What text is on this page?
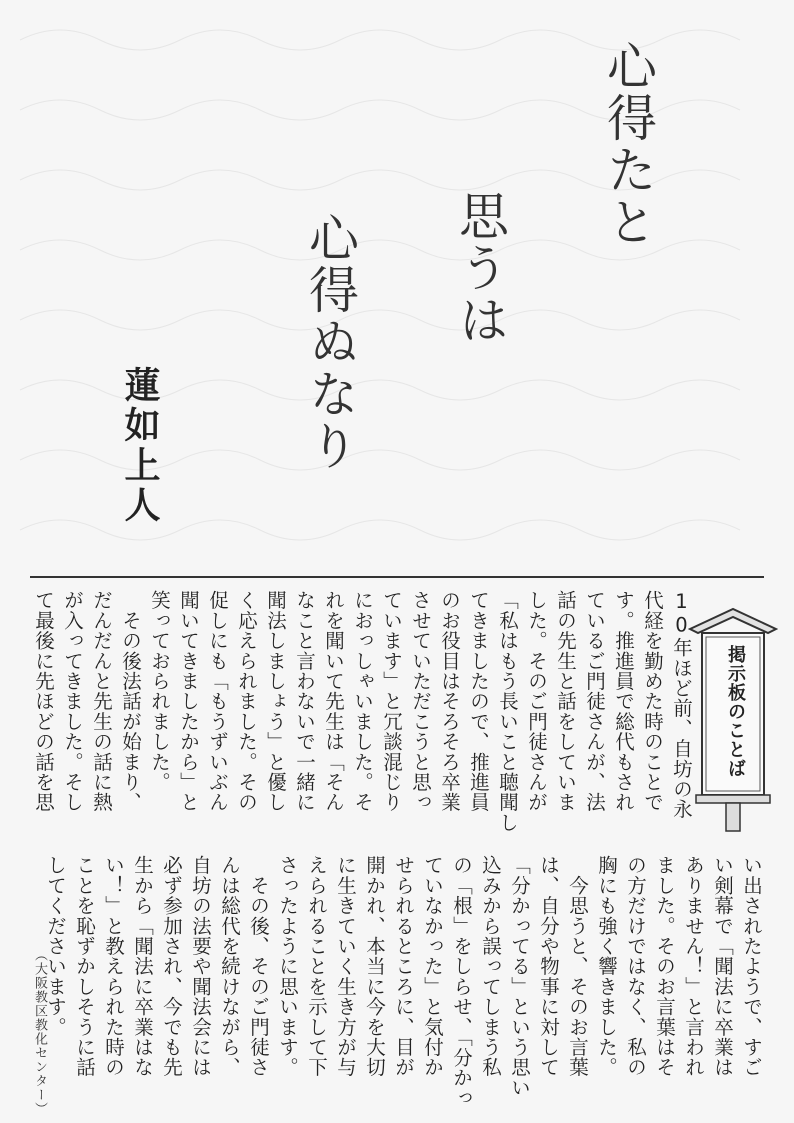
心得たと
思うは
心得ぬなり
蓮如上人
掲示板のことば
10年ほど前、自坊の永
代経を勤めた時のことで
す。推進員で総代もされ
ているご門徒さんが、法
話の先生と話をしていま
した。そのご門徒さんが
「私はもう長いこと聴聞し
てきましたので、推進員
のお役目はそろそろ卒業
させていただこうと思っ
ています」と冗談混じり
におっしゃいました。そ
れを聞いて先生は「そん
なこと言わないで一緒に
聞法しましょう」と優し
く応えられました。その
促しにも「もうずいぶん
聞いてきましたから」と
笑っておられました。
　その後法話が始まり、
だんだんと先生の話に熱
が入ってきました。そし
て最後に先ほどの話を思

い出されたようで、すご
い剣幕で「聞法に卒業は
ありません！」と言われ
ました。そのお言葉はそ
の方だけではなく、私の
胸にも強く響きました。
　今思うと、そのお言葉
は、自分や物事に対して
「分かってる」という思い
込みから誤ってしまう私
の「根」をしらせ、「分かっ
ていなかった」と気付か
せられるところに、目が
開かれ、本当に今を大切
に生きていく生き方が与
えられることを示して下
さったように思います。
　その後、そのご門徒さ
んは総代を続けながら、
自坊の法要や聞法会には
必ず参加され、今でも先
生から「聞法に卒業はな
い！」と教えられた時の
ことを恥ずかしそうに話
してくださいます。

（大阪教区教化センター）
